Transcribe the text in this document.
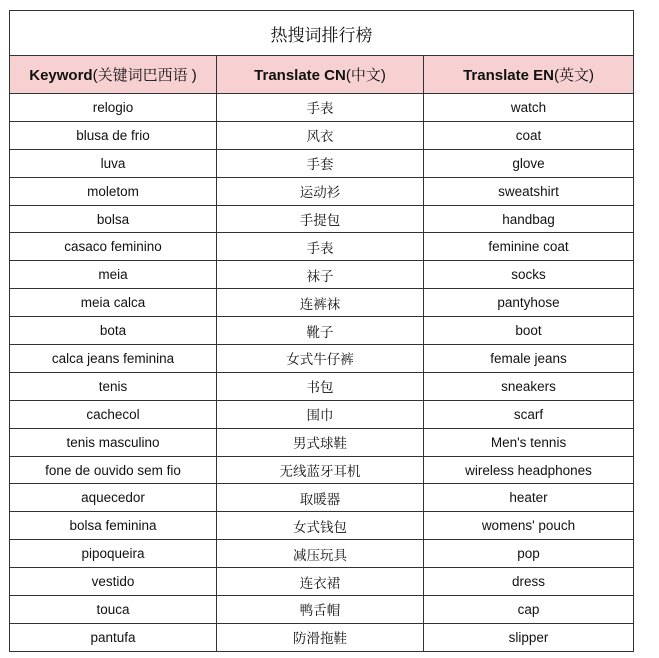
热搜词排行榜		
Keyword(关键词巴西语 )	Translate CN(中文)	Translate EN(英文)
relogio	手表	watch
blusa de frio	风衣	coat
luva	手套	glove
moletom	运动衫	sweatshirt
bolsa	手提包	handbag
casaco feminino	手表	feminine coat
meia	袜子	socks
meia calca	连裤袜	pantyhose
bota	靴子	boot
calca jeans feminina	女式牛仔裤	female jeans
tenis	书包	sneakers
cachecol	围巾	scarf
tenis masculino	男式球鞋	Men's tennis
fone de ouvido sem fio	无线蓝牙耳机	wireless headphones
aquecedor	取暖器	heater
bolsa feminina	女式钱包	womens' pouch
pipoqueira	减压玩具	pop
vestido	连衣裙	dress
touca	鸭舌帽	cap
pantufa	防滑拖鞋	slipper
